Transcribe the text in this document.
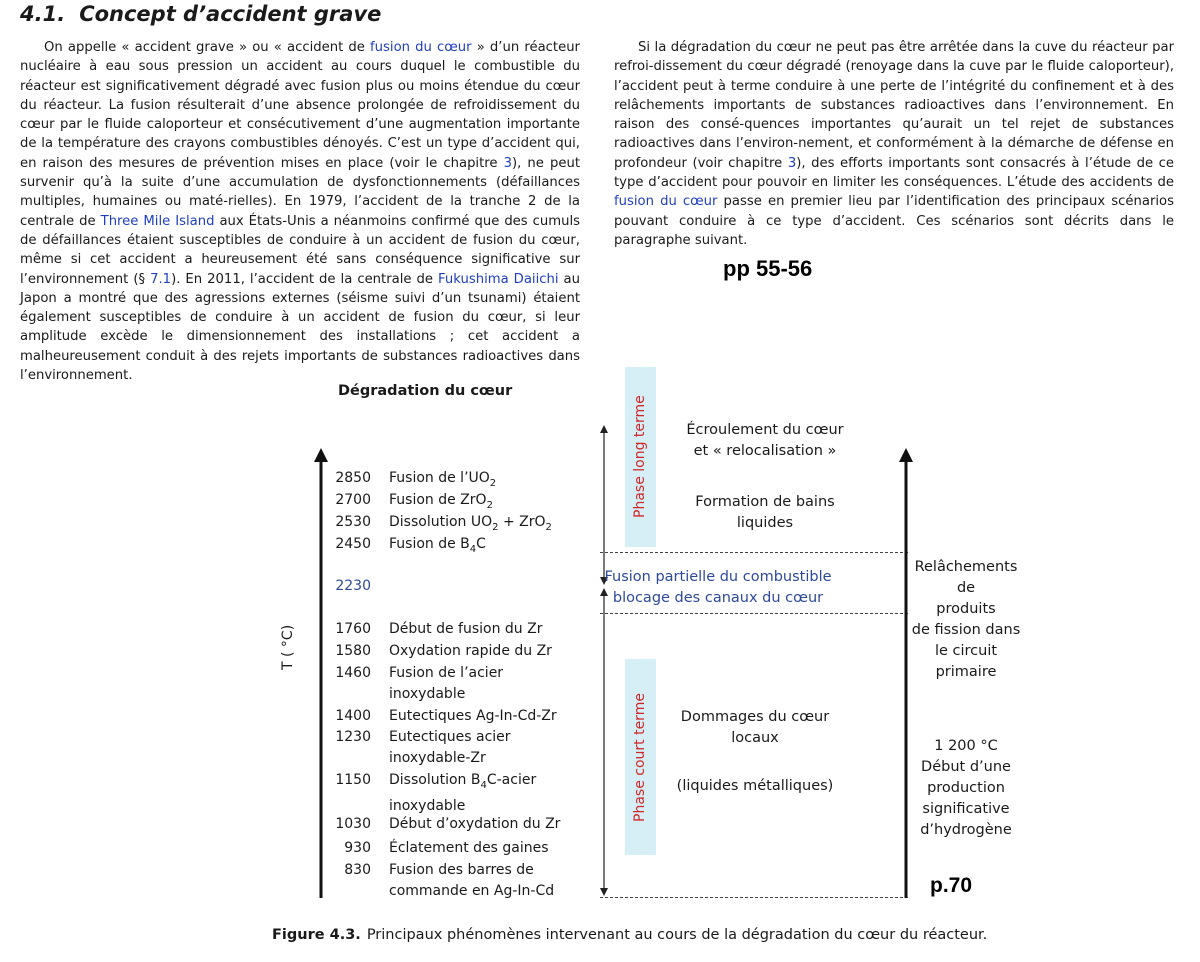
4.1. Concept d’accident grave

On appelle « accident grave » ou « accident de fusion du cœur » d’un réacteur nucléaire à eau sous pression un accident au cours duquel le combustible du réacteur est significativement dégradé avec fusion plus ou moins étendue du cœur du réacteur. La fusion résulterait d’une absence prolongée de refroidissement du cœur par le fluide caloporteur et consécutivement d’une augmentation importante de la température des crayons combustibles dénoyés. C’est un type d’accident qui, en raison des mesures de prévention mises en place (voir le chapitre 3), ne peut survenir qu’à la suite d’une accumulation de dysfonctionnements (défaillances multiples, humaines ou maté-rielles). En 1979, l’accident de la tranche 2 de la centrale de Three Mile Island aux États-Unis a néanmoins confirmé que des cumuls de défaillances étaient susceptibles de conduire à un accident de fusion du cœur, même si cet accident a heureusement été sans conséquence significative sur l’environnement (§ 7.1). En 2011, l’accident de la centrale de Fukushima Daiichi au Japon a montré que des agressions externes (séisme suivi d’un tsunami) étaient également susceptibles de conduire à un accident de fusion du cœur, si leur amplitude excède le dimensionnement des installations ; cet accident a malheureusement conduit à des rejets importants de substances radioactives dans l’environnement.

Si la dégradation du cœur ne peut pas être arrêtée dans la cuve du réacteur par refroi-dissement du cœur dégradé (renoyage dans la cuve par le fluide caloporteur), l’accident peut à terme conduire à une perte de l’intégrité du confinement et à des relâchements importants de substances radioactives dans l’environnement. En raison des consé-quences importantes qu’aurait un tel rejet de substances radioactives dans l’environ-nement, et conformément à la démarche de défense en profondeur (voir chapitre 3), des efforts importants sont consacrés à l’étude de ce type d’accident pour pouvoir en limiter les conséquences. L’étude des accidents de fusion du cœur passe en premier lieu par l’identification des principaux scénarios pouvant conduire à ce type d’accident. Ces scénarios sont décrits dans le paragraphe suivant.

pp 55-56
Dégradation du cœur
T ( °C)
2850 Fusion de $l’UO_2$
2700 Fusion de ZrO$_2$
2530 Dissolution $UO_2 + ZrO_2$
2450 Fusion de $B_4C$
2230
1760 Début de fusion du Zr
1580 Oxydation rapide du Zr
1460 Fusion de l’acier
inoxydable
1400 Eutectiques Ag-In-Cd-Zr
1230 Eutectiques acier
inoxydable-Zr
1150 Dissolution $B_4C$-acier
inoxydable
1030 Début d’oxydation du Zr
930 Éclatement des gaines
830 Fusion des barres de
commande en Ag-In-Cd
Phase long terme
Phase court terme
Écroulement du cœur
et « relocalisation »
Formation de bains
liquides
Fusion partielle du combustible
blocage des canaux du cœur
Dommages du cœur
locaux
(liquides métalliques)
Relâchements
de
produits
de fission dans
le circuit
primaire
1 200 °C
Début d’une
production
significative
d’hydrogène
p.70
Figure 4.3. Principaux phénomènes intervenant au cours de la dégradation du cœur du réacteur.
